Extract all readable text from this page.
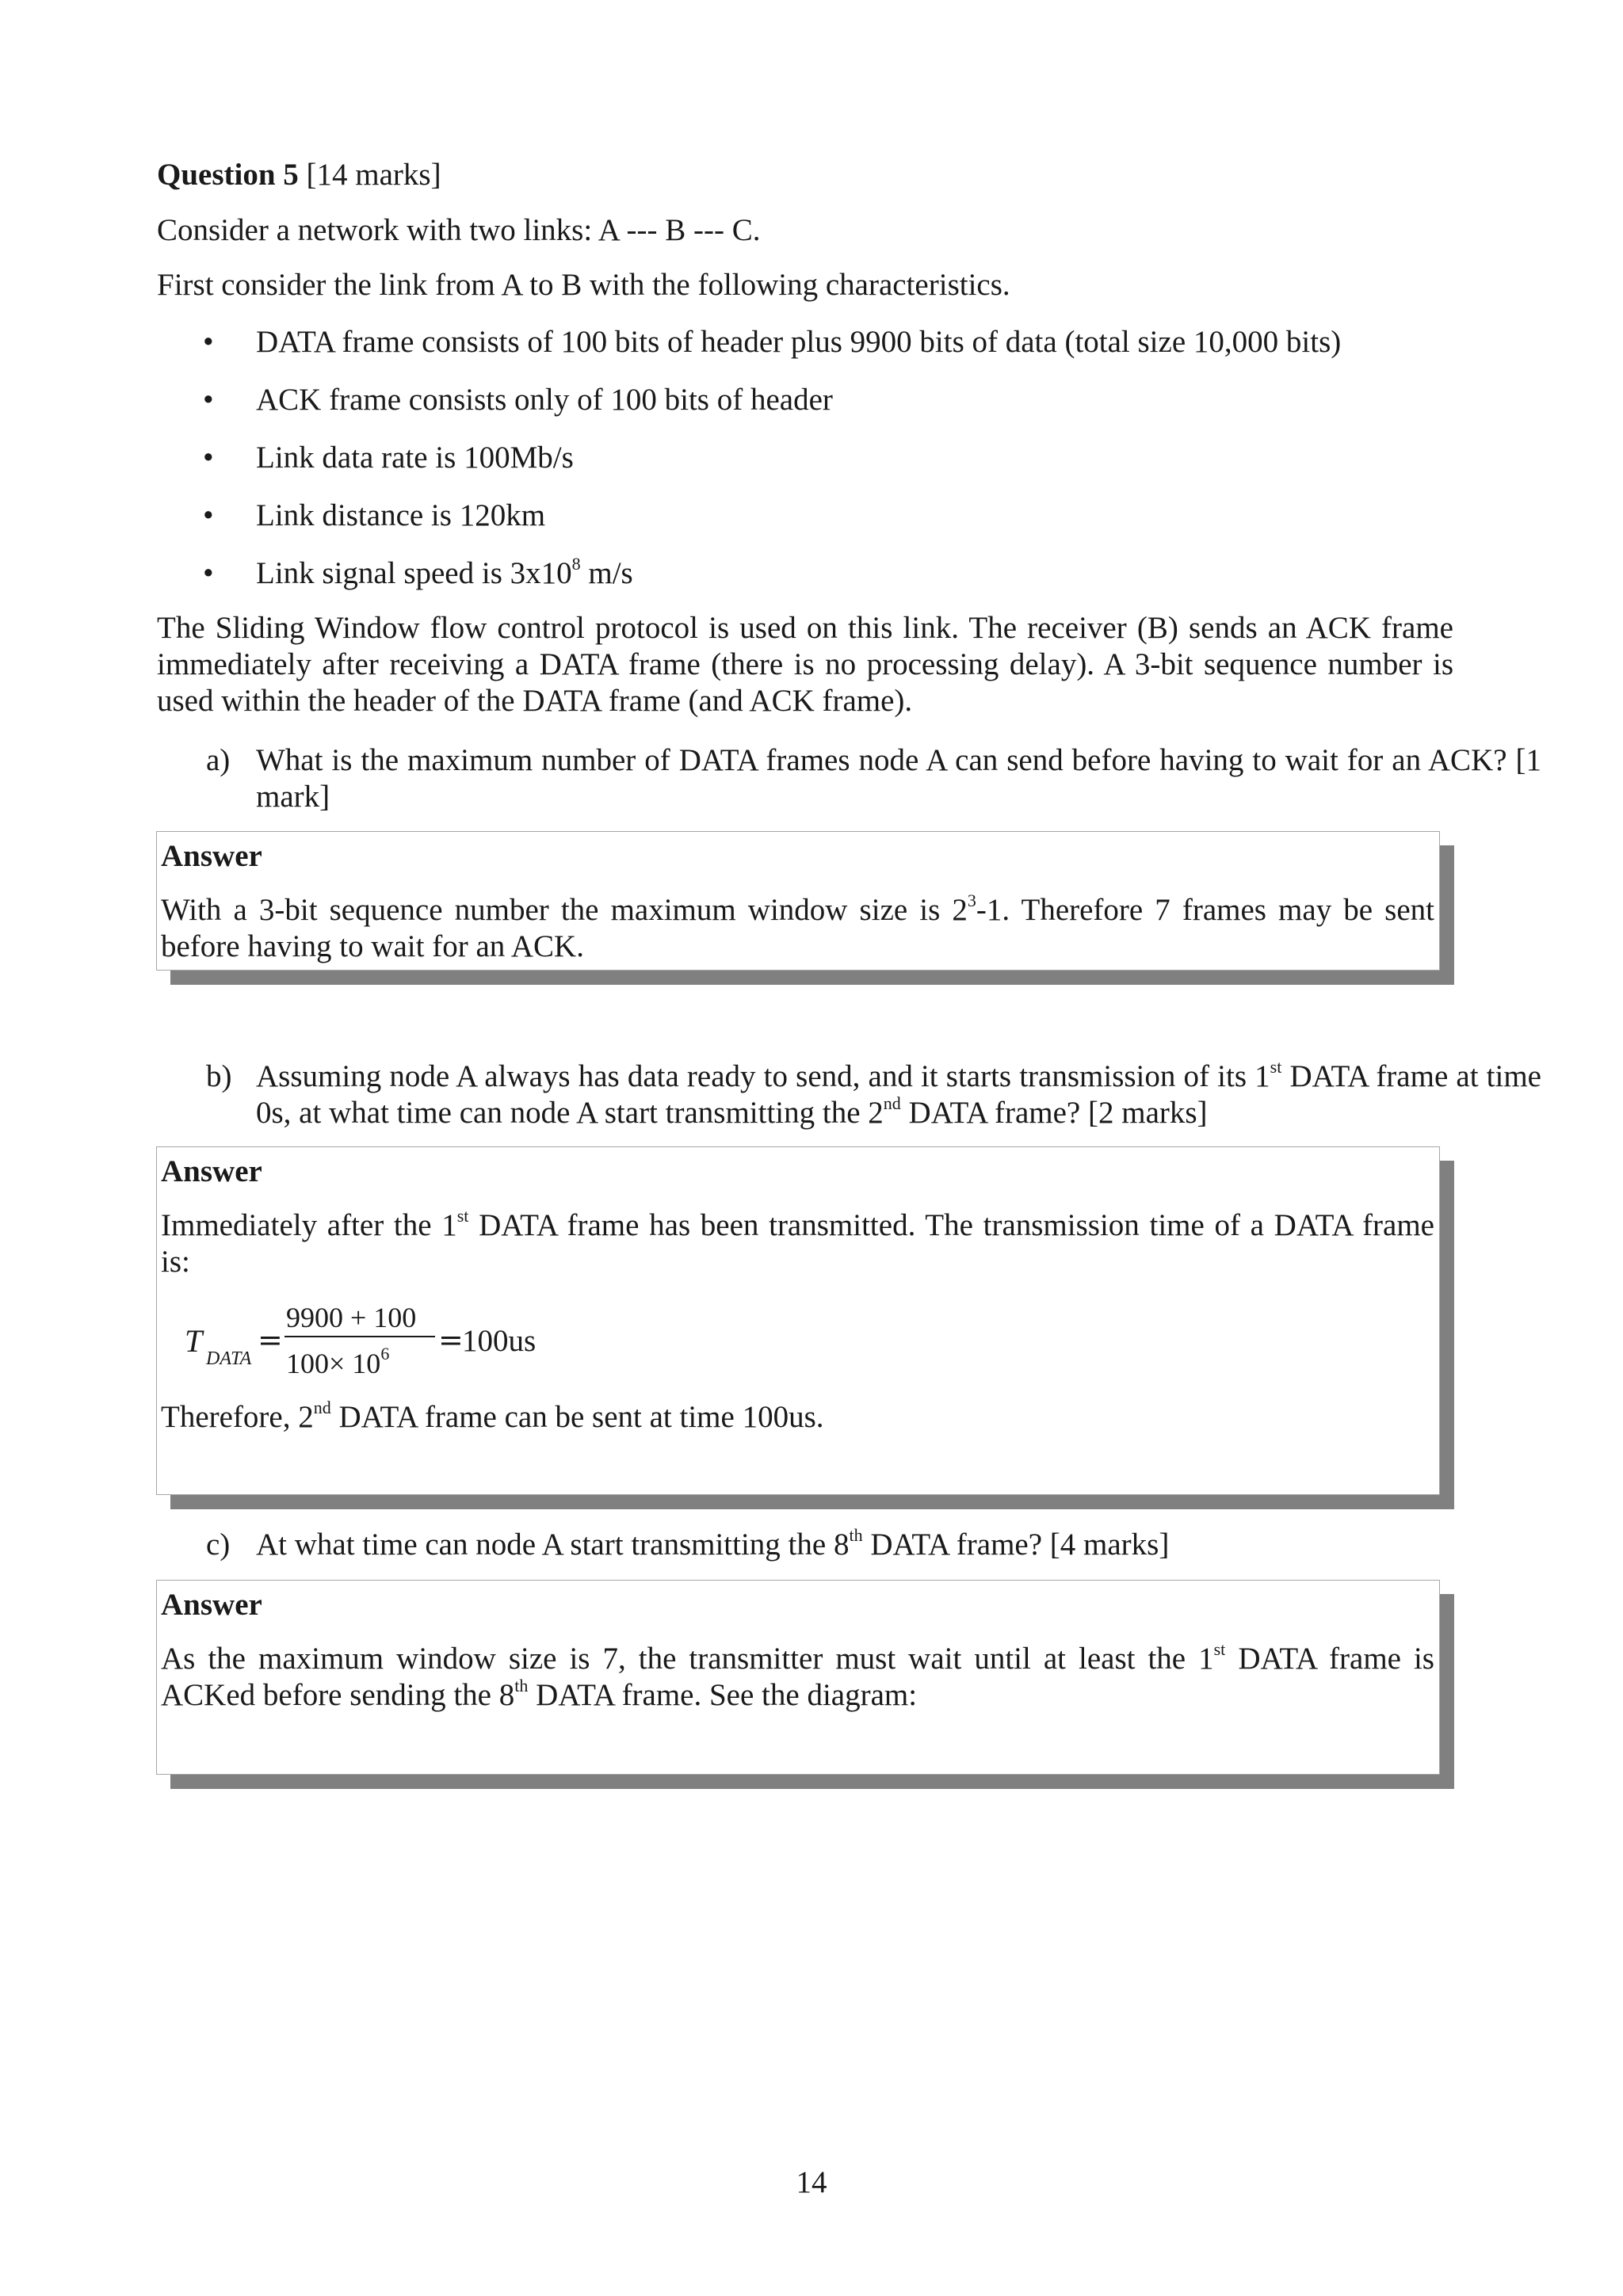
Question 5 [14 marks]

Consider a network with two links: A --- B --- C.

First consider the link from A to B with the following characteristics.

• DATA frame consists of 100 bits of header plus 9900 bits of data (total size 10,000 bits)
• ACK frame consists only of 100 bits of header
• Link data rate is 100Mb/s
• Link distance is 120km
• Link signal speed is $3x10^8$ m/s

The Sliding Window flow control protocol is used on this link. The receiver (B) sends an ACK frame immediately after receiving a DATA frame (there is no processing delay). A 3-bit sequence number is used within the header of the DATA frame (and ACK frame).

a) What is the maximum number of DATA frames node A can send before having to wait for an ACK? [1 mark]
Answer
With a 3-bit sequence number the maximum window size is $2^3-1$. Therefore 7 frames may be sent before having to wait for an ACK.
b) Assuming node A always has data ready to send, and it starts transmission of its 1st DATA frame at time 0s, at what time can node A start transmitting the 2nd DATA frame? [2 marks]
Answer
Immediately after the 1st DATA frame has been transmitted. The transmission time of a DATA frame is:
T DATA
=
9900 + 100
$100\times 10^6$ =
100us
Therefore, 2nd DATA frame can be sent at time 100us.
c) At what time can node A start transmitting the 8th DATA frame? [4 marks]
Answer
As the maximum window size is 7, the transmitter must wait until at least the 1st DATA frame is ACKed before sending the 8th DATA frame. See the diagram:
14
